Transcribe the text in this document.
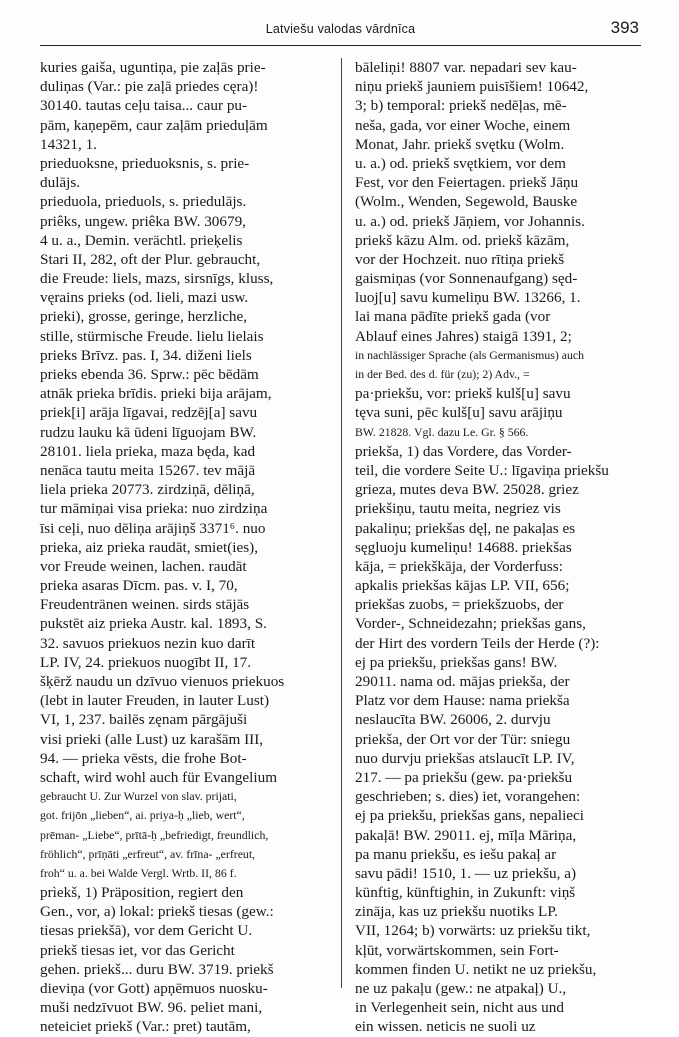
Latviešu valodas vārdnīca	393
kuries gaiša, uguntiņa, pie zaļās prie-
duliņas (Var.: pie zaļā priedes cęra)!
30140. tautas ceļu taisa... caur pu-
pām, kaņepēm, caur zaļām prieduļām
14321, 1.
prieduoksne, prieduoksnis, s. prie-
dulājs.
prieduola, prieduols, s. priedulājs.
priêks, ungew. priêka BW. 30679,
4 u. a., Demin. verächtl. prieķelis
Stari II, 282, oft der Plur. gebraucht,
die Freude: liels, mazs, sirsnīgs, kluss,
vęrains prieks (od. lieli, mazi usw.
prieki), grosse, geringe, herzliche,
stille, stürmische Freude. lielu lielais
prieks Brīvz. pas. I, 34. diženi liels
prieks ebenda 36. Sprw.: pēc bēdām
atnāk prieka brīdis. prieki bija arājam,
priek[i] arāja līgavai, redzēj[a] savu
rudzu lauku kā ūdeni līguojam BW.
28101. liela prieka, maza będa, kad
nenāca tautu meita 15267. tev mājā
liela prieka 20773. zirdziņā, dēliņā,
tur māmiņai visa prieka: nuo zirdziņa
īsi ceļi, nuo dēliņa arājiņš 3371⁶. nuo
prieka, aiz prieka raudāt, smiet(ies),
vor Freude weinen, lachen. raudāt
prieka asaras Dīcm. pas. v. I, 70,
Freudentränen weinen. sirds stājās
pukstēt aiz prieka Austr. kal. 1893, S.
32. savuos priekuos nezin kuo darīt
LP. IV, 24. priekuos nuogībt II, 17.
šķērž naudu un dzīvuo vienuos priekuos
(lebt in lauter Freuden, in lauter Lust)
VI, 1, 237. bailēs zęnam pārgājuši
visi prieki (alle Lust) uz karašām III,
94. — prieka vēsts, die frohe Bot-
schaft, wird wohl auch für Evangelium
gebraucht U. Zur Wurzel von slav. prijati,
got. frijōn „lieben“, ai. priya-ḥ „lieb, wert“,
prēman- „Liebe“, prītā-ḥ „befriedigt, freundlich,
fröhlich“, prīṇāti „erfreut“, av. frīna- „erfreut,
froh“ u. a. bei Walde Vergl. Wrtb. II, 86 f.
prìekš, 1) Präposition, regiert den
Gen., vor, a) lokal: priekš tiesas (gew.:
tiesas priekšā), vor dem Gericht U.
priekš tiesas iet, vor das Gericht
gehen. priekš... duru BW. 3719. priekš
dieviņa (vor Gott) apņēmuos nuosku-
muši nedzīvuot BW. 96. peliet mani,
neteiciet priekš (Var.: pret) tautām,
bāleliņi! 8807 var. nepadari sev kau-
niņu priekš jauniem puisīšiem! 10642,
3; b) temporal: priekš nedēļas, mē-
neša, gada, vor einer Woche, einem
Monat, Jahr. priekš svętku (Wolm.
u. a.) od. priekš svętkiem, vor dem
Fest, vor den Feiertagen. priekš Jāņu
(Wolm., Wenden, Segewold, Bauske
u. a.) od. priekš Jāņiem, vor Johannis.
priekš kāzu Alm. od. priekš kāzām,
vor der Hochzeit. nuo rītiņa priekš
gaismiņas (vor Sonnenaufgang) sęd-
luoj[u] savu kumeliņu BW. 13266, 1.
lai mana pādīte priekš gada (vor
Ablauf eines Jahres) staigā 1391, 2;
in nachlässiger Sprache (als Germanismus) auch
in der Bed. des d. für (zu); 2) Adv., =
pa·priekšu, vor: priekš kulš[u] savu
tęva suni, pēc kulš[u] savu arājiņu
BW. 21828. Vgl. dazu Le. Gr. § 566.
priekša, 1) das Vordere, das Vorder-
teil, die vordere Seite U.: līgaviņa priekšu
grieza, mutes deva BW. 25028. griez
priekšiņu, tautu meita, negriez vis
pakaliņu; priekšas dęļ, ne pakaļas es
sęgluoju kumeliņu! 14688. priekšas
kāja, = priekškāja, der Vorderfuss:
apkalis priekšas kājas LP. VII, 656;
priekšas zuobs, = priekšzuobs, der
Vorder-, Schneidezahn; priekšas gans,
der Hirt des vordern Teils der Herde (?):
ej pa priekšu, priekšas gans! BW.
29011. nama od. mājas priekša, der
Platz vor dem Hause: nama priekša
neslaucīta BW. 26006, 2. durvju
priekša, der Ort vor der Tür: sniegu
nuo durvju priekšas atslaucīt LP. IV,
217. — pa priekšu (gew. pa·priekšu
geschrieben; s. dies) iet, vorangehen:
ej pa priekšu, priekšas gans, nepalieci
pakaļā! BW. 29011. ej, mīļa Māriņa,
pa manu priekšu, es iešu pakaļ ar
savu pādi! 1510, 1. — uz priekšu, a)
künftig, künftighin, in Zukunft: viņš
zināja, kas uz priekšu nuotiks LP.
VII, 1264; b) vorwärts: uz priekšu tikt,
kļūt, vorwärtskommen, sein Fort-
kommen finden U. netikt ne uz priekšu,
ne uz pakaļu (gew.: ne atpakaļ) U.,
in Verlegenheit sein, nicht aus und
ein wissen. neticis ne suoli uz
